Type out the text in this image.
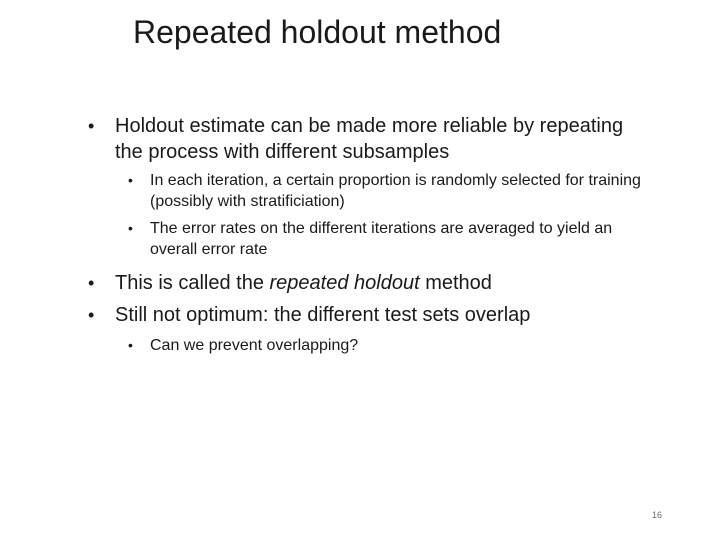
Repeated holdout method
• Holdout estimate can be made more reliable by repeating the process with different subsamples
• In each iteration, a certain proportion is randomly selected for training (possibly with stratificiation)
• The error rates on the different iterations are averaged to yield an overall error rate
• This is called the repeated holdout method
• Still not optimum: the different test sets overlap
• Can we prevent overlapping?
16
